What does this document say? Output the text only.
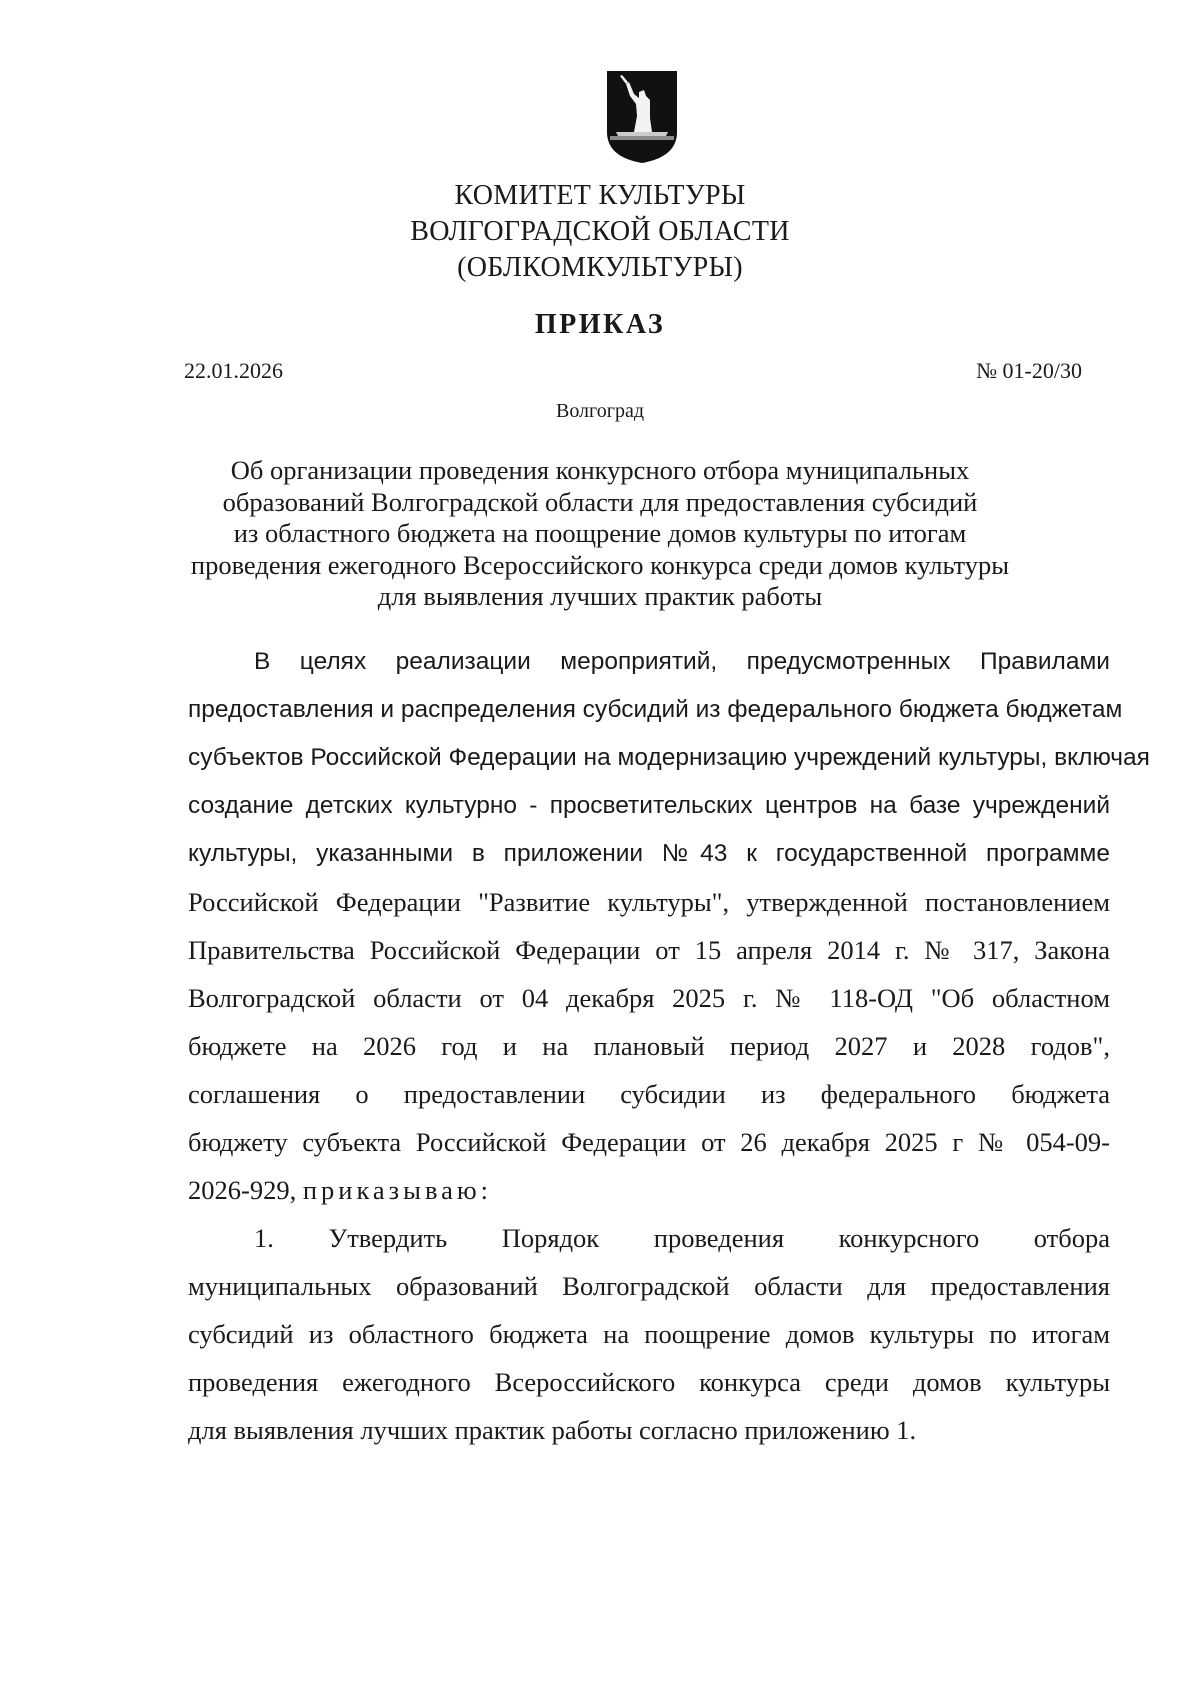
КОМИТЕТ КУЛЬТУРЫ
ВОЛГОГРАДСКОЙ ОБЛАСТИ
(ОБЛКОМКУЛЬТУРЫ)
ПРИКАЗ
22.01.2026	№ 01-20/30
Волгоград
Об организации проведения конкурсного отбора муниципальных
образований Волгоградской области для предоставления субсидий
из областного бюджета на поощрение домов культуры по итогам
проведения ежегодного Всероссийского конкурса среди домов культуры
для выявления лучших практик работы
В целях реализации мероприятий, предусмотренных Правилами
предоставления и распределения субсидий из федерального бюджета бюджетам
субъектов Российской Федерации на модернизацию учреждений культуры, включая
создание детских культурно - просветительских центров на базе учреждений
культуры, указанными в приложении №43 к государственной программе
Российской Федерации "Развитие культуры", утвержденной постановлением
Правительства Российской Федерации от 15 апреля 2014 г. № 317, Закона
Волгоградской области от 04 декабря 2025 г. № 118-ОД "Об областном
бюджете на 2026 год и на плановый период 2027 и 2028 годов",
соглашения о предоставлении субсидии из федерального бюджета
бюджету субъекта Российской Федерации от 26 декабря 2025 г № 054-09-
2026-929, приказываю:
1. Утвердить Порядок проведения конкурсного отбора
муниципальных образований Волгоградской области для предоставления
субсидий из областного бюджета на поощрение домов культуры по итогам
проведения ежегодного Всероссийского конкурса среди домов культуры
для выявления лучших практик работы согласно приложению 1.
